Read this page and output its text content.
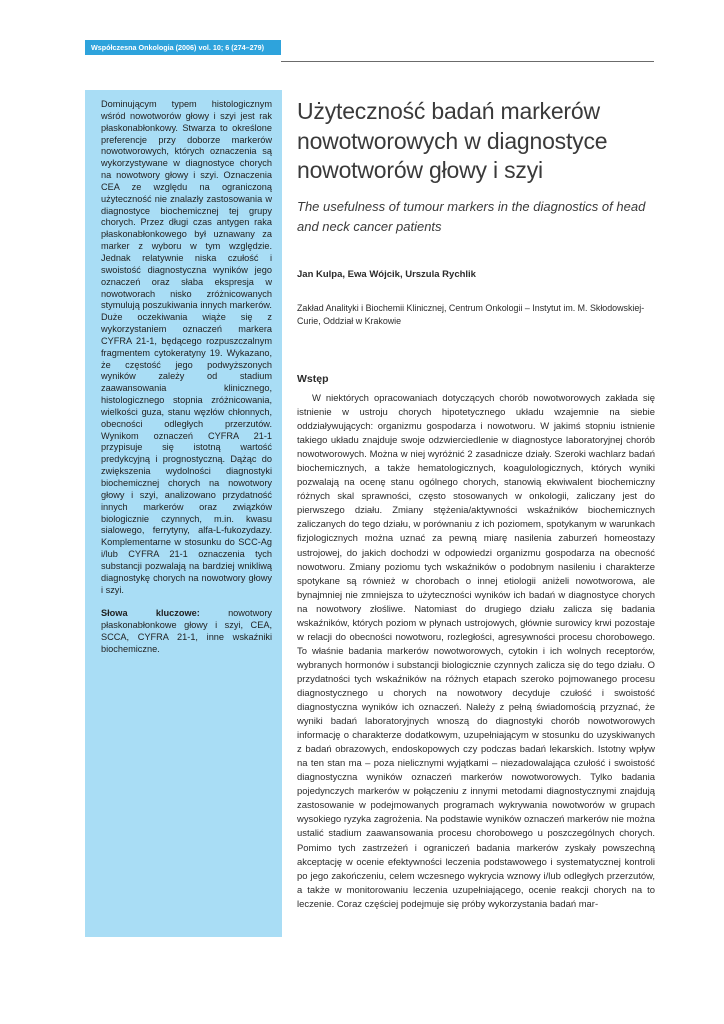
Współczesna Onkologia (2006) vol. 10; 6 (274–279)

Dominującym typem histologicznym wśród nowotworów głowy i szyi jest rak płaskonabłonkowy. Stwarza to określone preferencje przy doborze markerów nowotworowych, których oznaczenia są wykorzystywane w diagnostyce chorych na nowotwory głowy i szyi. Oznaczenia CEA ze względu na ograniczoną użyteczność nie znalazły zastosowania w diagnostyce biochemicznej tej grupy chorych. Przez długi czas antygen raka płaskonabłonkowego był uznawany za marker z wyboru w tym względzie. Jednak relatywnie niska czułość i swoistość diagnostyczna wyników jego oznaczeń oraz słaba ekspresja w nowotworach nisko zróżnicowanych stymulują poszukiwania innych markerów. Duże oczekiwania wiąże się z wykorzystaniem oznaczeń markera CYFRA 21-1, będącego rozpuszczalnym fragmentem cytokeratyny 19. Wykazano, że częstość jego podwyższonych wyników zależy od stadium zaawansowania klinicznego, histologicznego stopnia zróżnicowania, wielkości guza, stanu węzłów chłonnych, obecności odległych przerzutów. Wynikom oznaczeń CYFRA 21-1 przypisuje się istotną wartość predykcyjną i prognostyczną. Dążąc do zwiększenia wydolności diagnostyki biochemicznej chorych na nowotwory głowy i szyi, analizowano przydatność innych markerów oraz związków biologicznie czynnych, m.in. kwasu sialowego, ferrytyny, alfa-L-fukozydazy. Komplementarne w stosunku do SCC-Ag i/lub CYFRA 21-1 oznaczenia tych substancji pozwalają na bardziej wnikliwą diagnostykę chorych na nowotwory głowy i szyi.

Słowa kluczowe: nowotwory płaskonabłonkowe głowy i szyi, CEA, SCCA, CYFRA 21-1, inne wskaźniki biochemiczne.

Użyteczność badań markerów nowotworowych w diagnostyce nowotworów głowy i szyi

The usefulness of tumour markers in the diagnostics of head and neck cancer patients

Jan Kulpa, Ewa Wójcik, Urszula Rychlik

Zakład Analityki i Biochemii Klinicznej, Centrum Onkologii – Instytut im. M. Skłodowskiej-Curie, Oddział w Krakowie

Wstęp

W niektórych opracowaniach dotyczących chorób nowotworowych zakłada się istnienie w ustroju chorych hipotetycznego układu wzajemnie na siebie oddziaływujących: organizmu gospodarza i nowotworu. W jakimś stopniu istnienie takiego układu znajduje swoje odzwierciedlenie w diagnostyce laboratoryjnej chorób nowotworowych. Można w niej wyróżnić 2 zasadnicze działy. Szeroki wachlarz badań biochemicznych, a także hematologicznych, koagulologicznych, których wyniki pozwalają na ocenę stanu ogólnego chorych, stanowią ekwiwalent biochemiczny różnych skal sprawności, często stosowanych w onkologii, zaliczany jest do pierwszego działu. Zmiany stężenia/aktywności wskaźników biochemicznych zaliczanych do tego działu, w porównaniu z ich poziomem, spotykanym w warunkach fizjologicznych można uznać za pewną miarę nasilenia zaburzeń homeostazy ustrojowej, do jakich dochodzi w odpowiedzi organizmu gospodarza na obecność nowotworu. Zmiany poziomu tych wskaźników o podobnym nasileniu i charakterze spotykane są również w chorobach o innej etiologii aniżeli nowotworowa, ale bynajmniej nie zmniejsza to użyteczności wyników ich badań w diagnostyce chorych na nowotwory złośliwe. Natomiast do drugiego działu zalicza się badania wskaźników, których poziom w płynach ustrojowych, głównie surowicy krwi pozostaje w relacji do obecności nowotworu, rozległości, agresywności procesu chorobowego. To właśnie badania markerów nowotworowych, cytokin i ich wolnych receptorów, wybranych hormonów i substancji biologicznie czynnych zalicza się do tego działu. O przydatności tych wskaźników na różnych etapach szeroko pojmowanego procesu diagnostycznego u chorych na nowotwory decyduje czułość i swoistość diagnostyczna wyników ich oznaczeń. Należy z pełną świadomością przyznać, że wyniki badań laboratoryjnych wnoszą do diagnostyki chorób nowotworowych informację o charakterze dodatkowym, uzupełniającym w stosunku do uzyskiwanych z badań obrazowych, endoskopowych czy podczas badań lekarskich. Istotny wpływ na ten stan ma – poza nielicznymi wyjątkami – niezadowalająca czułość i swoistość diagnostyczna wyników oznaczeń markerów nowotworowych. Tylko badania pojedynczych markerów w połączeniu z innymi metodami diagnostycznymi znajdują zastosowanie w podejmowanych programach wykrywania nowotworów w grupach wysokiego ryzyka zagrożenia. Na podstawie wyników oznaczeń markerów nie można ustalić stadium zaawansowania procesu chorobowego u poszczególnych chorych. Pomimo tych zastrzeżeń i ograniczeń badania markerów zyskały powszechną akceptację w ocenie efektywności leczenia podstawowego i systematycznej kontroli po jego zakończeniu, celem wczesnego wykrycia wznowy i/lub odległych przerzutów, a także w monitorowaniu leczenia uzupełniającego, ocenie reakcji chorych na to leczenie. Coraz częściej podejmuje się próby wykorzystania badań mar-
